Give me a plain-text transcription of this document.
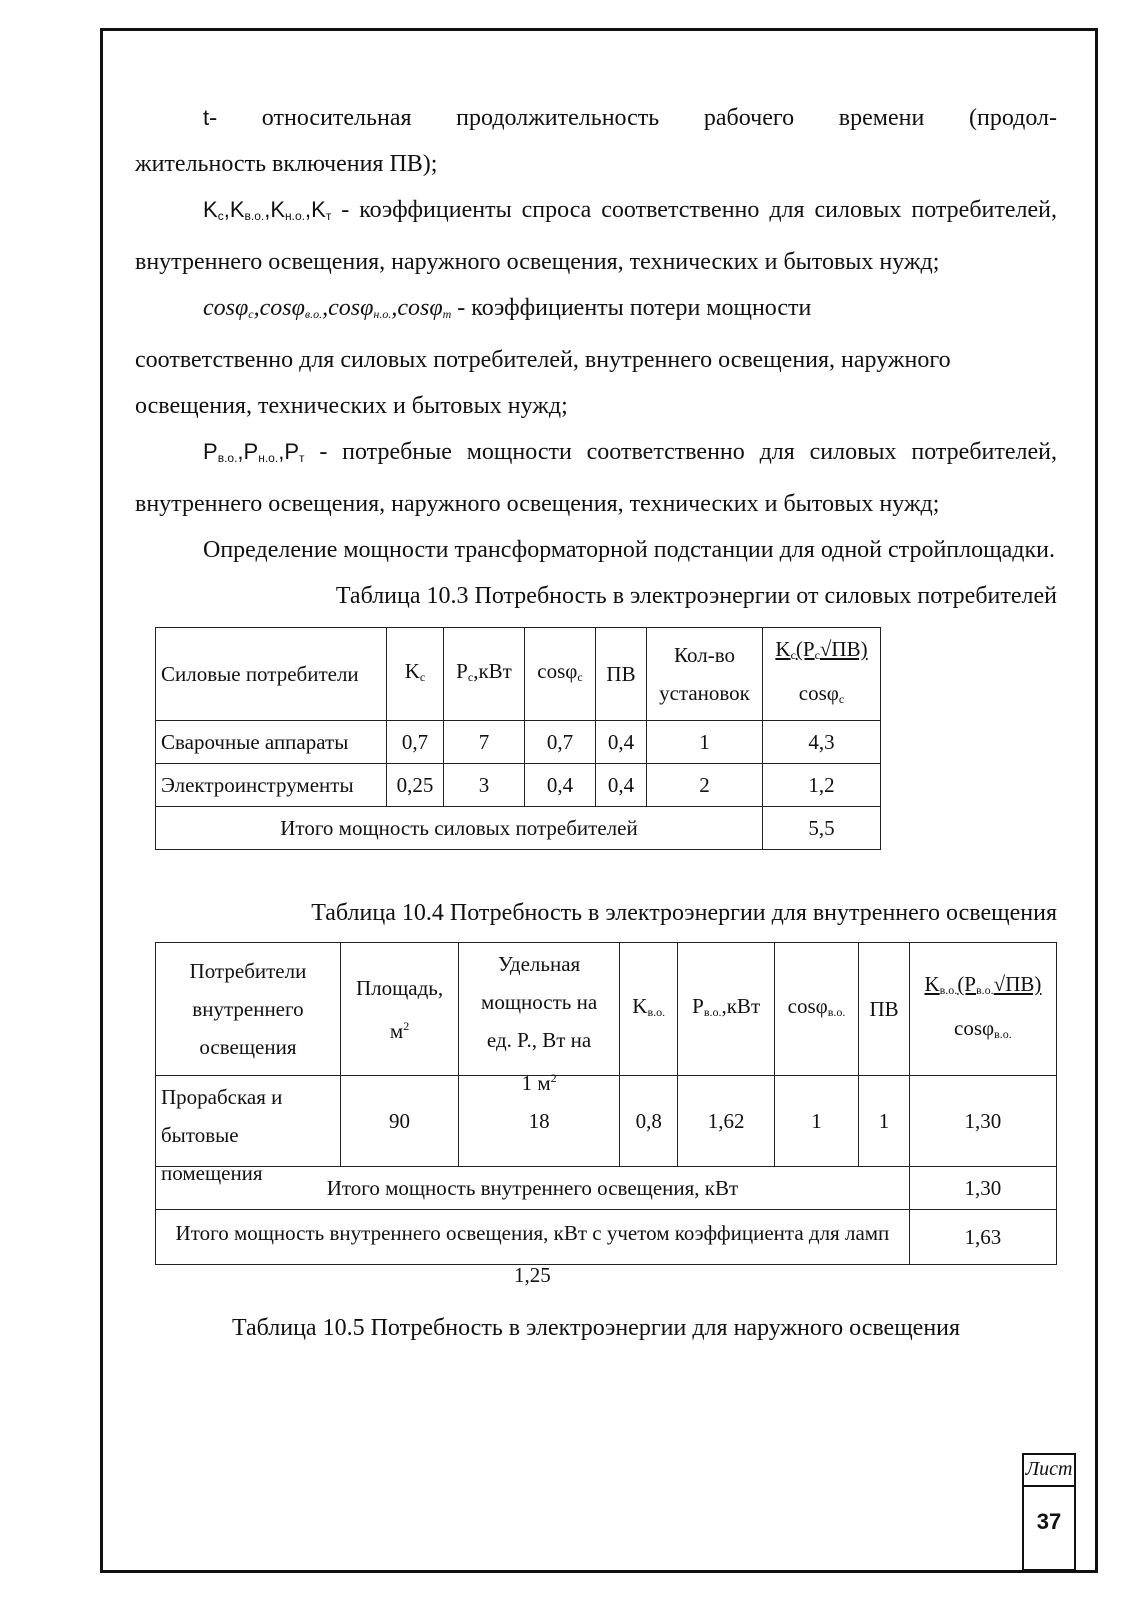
t- относительная продолжительность рабочего времени (продол-

жительность включения ПВ);

$K_с,K_{в.о.},K_{н.о.},K_т$ - коэффициенты спроса соответственно для силовых потребителей, внутреннего освещения, наружного освещения, технических и бытовых нужд;

cosφ$_c$,cosφ$_{в.о.}$,cosφ$_{н.о.}$,cosφ$_т$ - коэффициенты потери мощности

соответственно для силовых потребителей, внутреннего освещения, наружного

освещения, технических и бытовых нужд;

$P_{в.о.},P_{н.о.},P_т$ - потребные мощности соответственно для силовых потребителей, внутреннего освещения, наружного освещения, технических и бытовых нужд;

Определение мощности трансформаторной подстанции для одной стройплощадки.

Таблица 10.3 Потребность в электроэнергии от силовых потребителей

Силовые потребители	$K_с$	$P_с,кВт$	cosφ$_с$	ПВ	Кол-во
установок	$K_с(P_с√ПВ)$
cosφ$_с$
Сварочные аппараты	0,7	7	0,7	0,4	1	4,3
Электроинструменты	0,25	3	0,4	0,4	2	1,2
Итого мощность силовых потребителей						5,5

Таблица 10.4 Потребность в электроэнергии для внутреннего освещения

Потребители
внутреннего
освещения	Площадь,
$м^2$	Удельная
мощность на
ед. P., Вт на
1 $м^2$	$K_{в.о.}$	$P_{в.о.},кВт$	cosφ$_{в.о.}$	ПВ	$K_{в.о.}(P_{в.о.}√ПВ)$
cosφ$_{в.о.}$

Прорабская и
бытовые
помещения	90	18	0,8	1,62	1	1	1,30
Итого мощность внутреннего освещения, кВт							1,30

Итого мощность внутреннего освещения, кВт с учетом коэффициента для ламп 1,25							1,63

Таблица 10.5 Потребность в электроэнергии для наружного освещения

Лист
37
